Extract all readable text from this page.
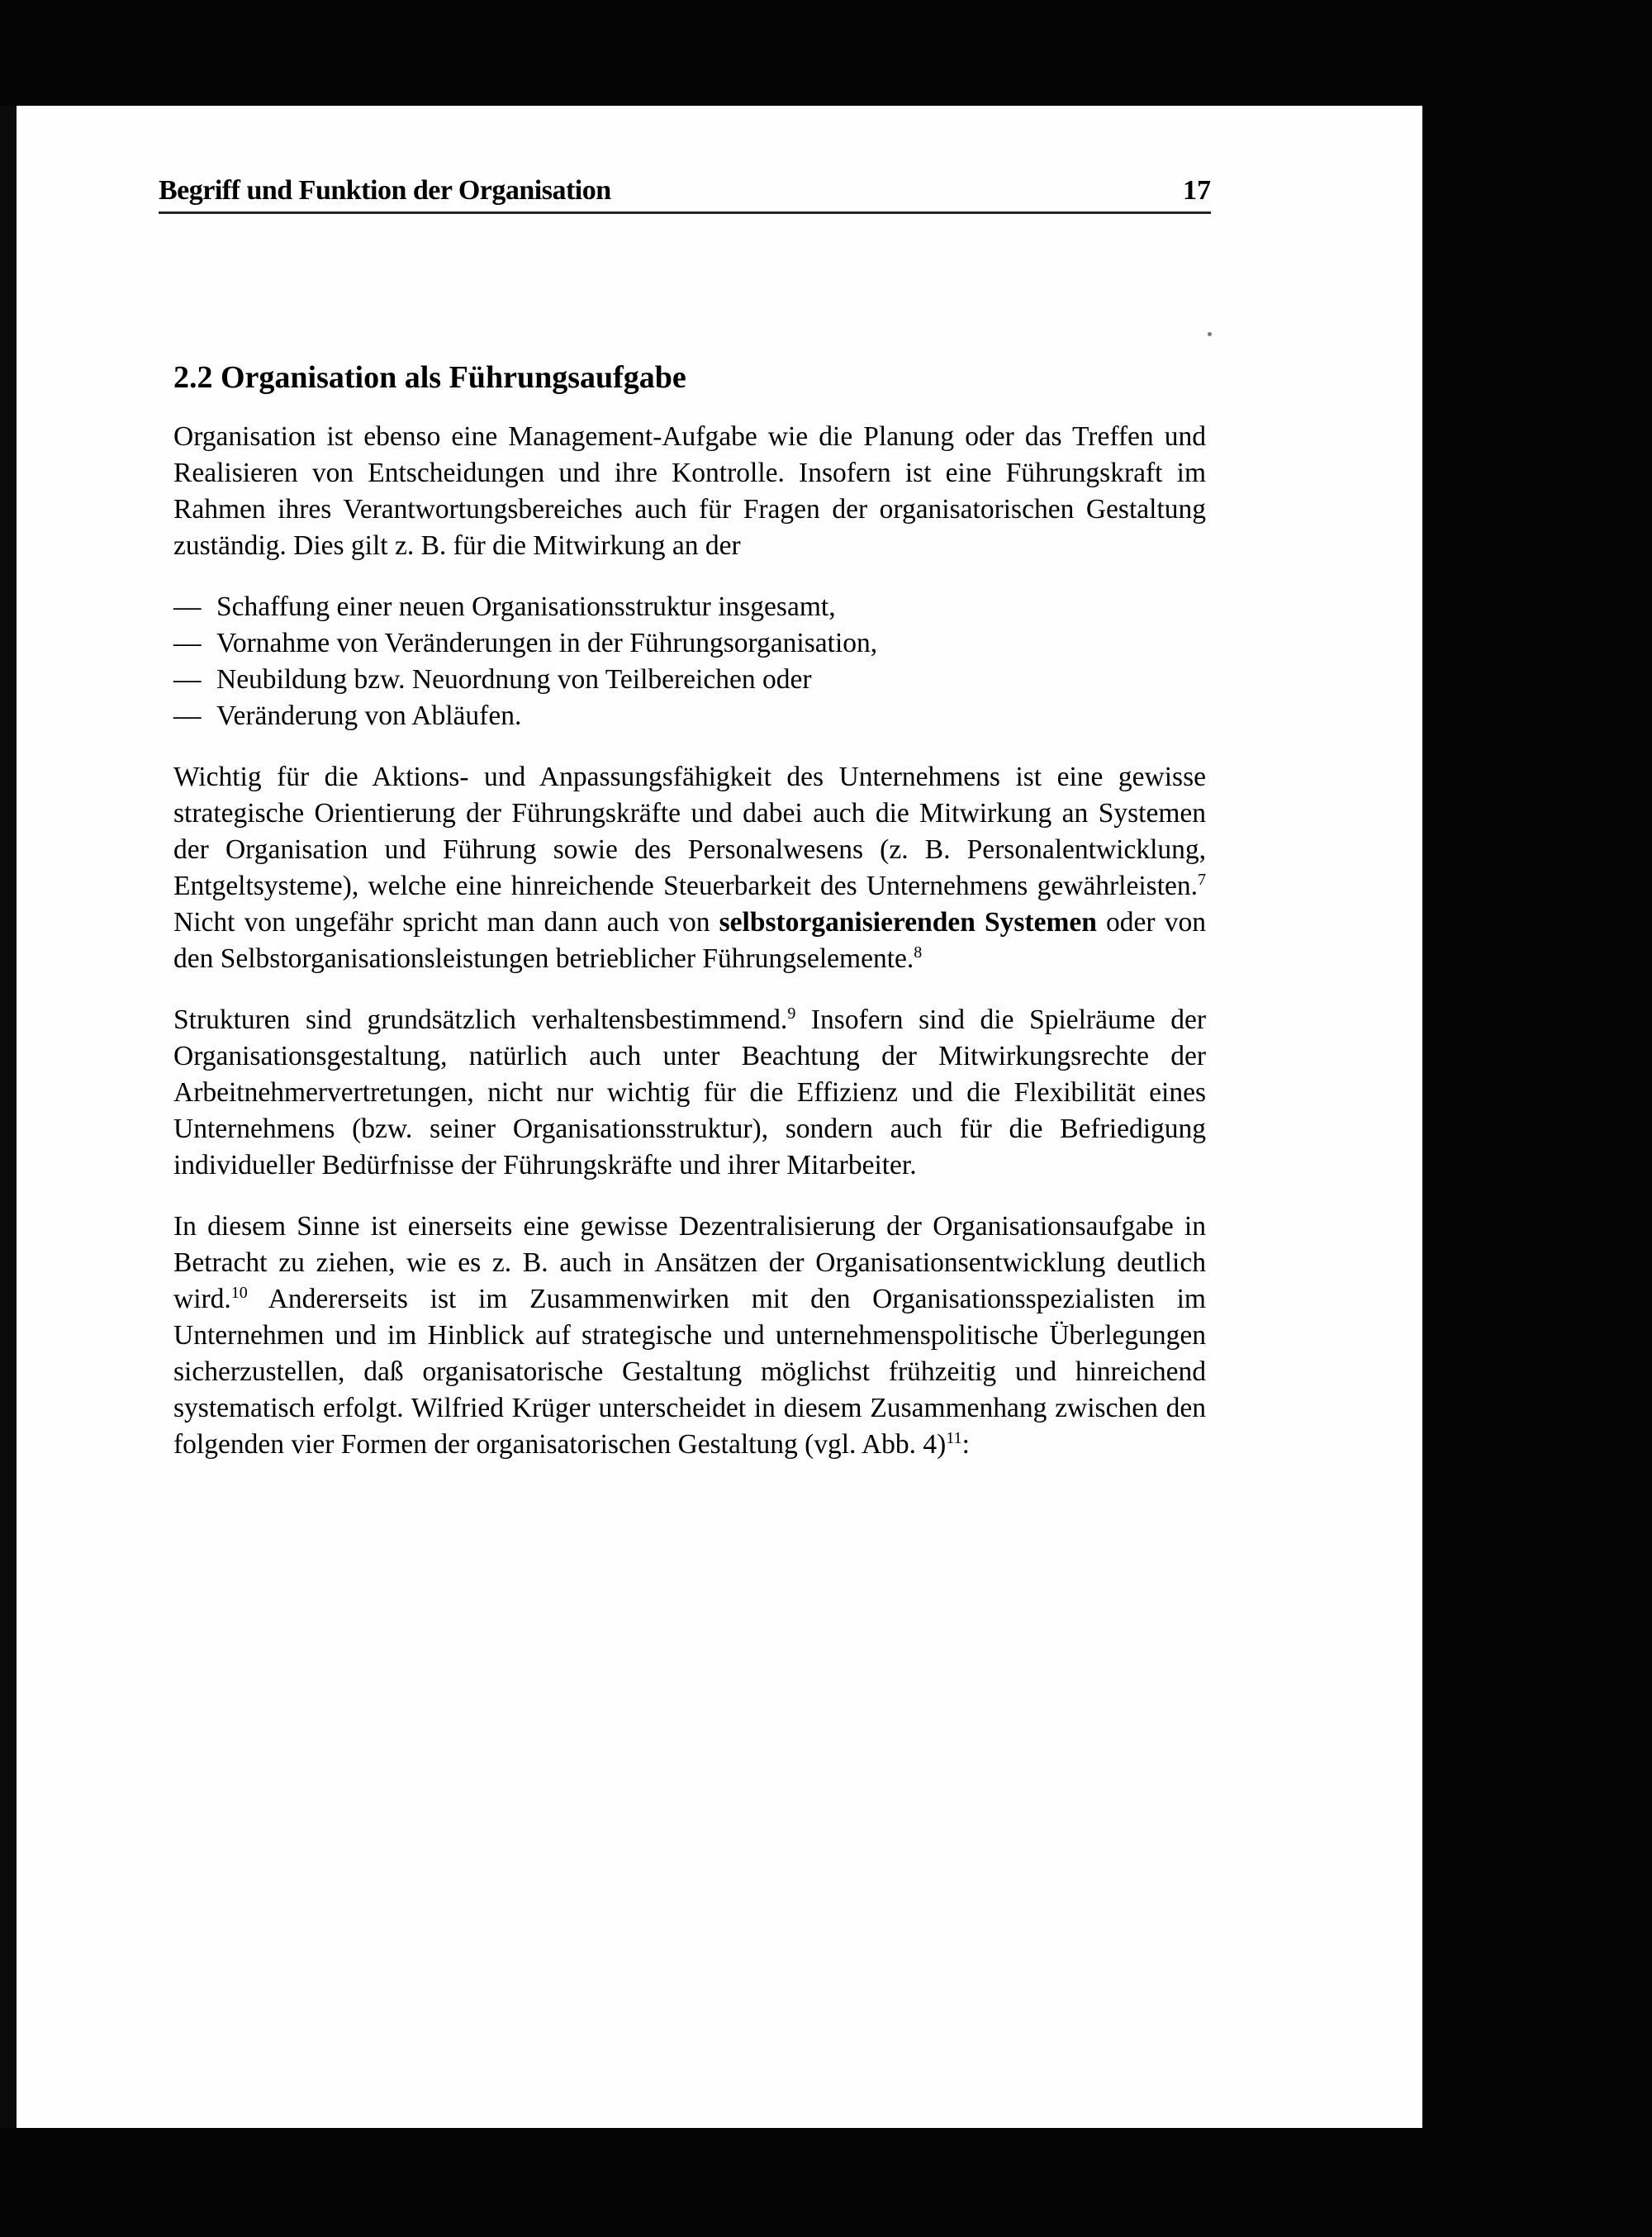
Begriff und Funktion der Organisation	17
2.2 Organisation als Führungsaufgabe

Organisation ist ebenso eine Management-Aufgabe wie die Planung oder das Treffen und Realisieren von Entscheidungen und ihre Kontrolle. Insofern ist eine Führungskraft im Rahmen ihres Verantwortungsbereiches auch für Fragen der organisatorischen Gestaltung zuständig. Dies gilt z. B. für die Mitwirkung an der

— Schaffung einer neuen Organisationsstruktur insgesamt,
— Vornahme von Veränderungen in der Führungsorganisation,
— Neubildung bzw. Neuordnung von Teilbereichen oder
— Veränderung von Abläufen.

Wichtig für die Aktions- und Anpassungsfähigkeit des Unternehmens ist eine gewisse strategische Orientierung der Führungskräfte und dabei auch die Mitwirkung an Systemen der Organisation und Führung sowie des Personalwesens (z. B. Personalentwicklung, Entgeltsysteme), welche eine hinreichende Steuerbarkeit des Unternehmens gewährleisten.$^7$ Nicht von ungefähr spricht man dann auch von selbstorganisierenden Systemen oder von den Selbstorganisationsleistungen betrieblicher Führungselemente.$^8$

Strukturen sind grundsätzlich verhaltensbestimmend.$^9$ Insofern sind die Spielräume der Organisationsgestaltung, natürlich auch unter Beachtung der Mitwirkungsrechte der Arbeitnehmervertretungen, nicht nur wichtig für die Effizienz und die Flexibilität eines Unternehmens (bzw. seiner Organisationsstruktur), sondern auch für die Befriedigung individueller Bedürfnisse der Führungskräfte und ihrer Mitarbeiter.

In diesem Sinne ist einerseits eine gewisse Dezentralisierung der Organisationsaufgabe in Betracht zu ziehen, wie es z. B. auch in Ansätzen der Organisationsentwicklung deutlich wird.$^{10}$ Andererseits ist im Zusammenwirken mit den Organisationsspezialisten im Unternehmen und im Hinblick auf strategische und unternehmenspolitische Überlegungen sicherzustellen, daß organisatorische Gestaltung möglichst frühzeitig und hinreichend systematisch erfolgt. Wilfried Krüger unterscheidet in diesem Zusammenhang zwischen den folgenden vier Formen der organisatorischen Gestaltung (vgl. Abb. 4)$^{11}$:
